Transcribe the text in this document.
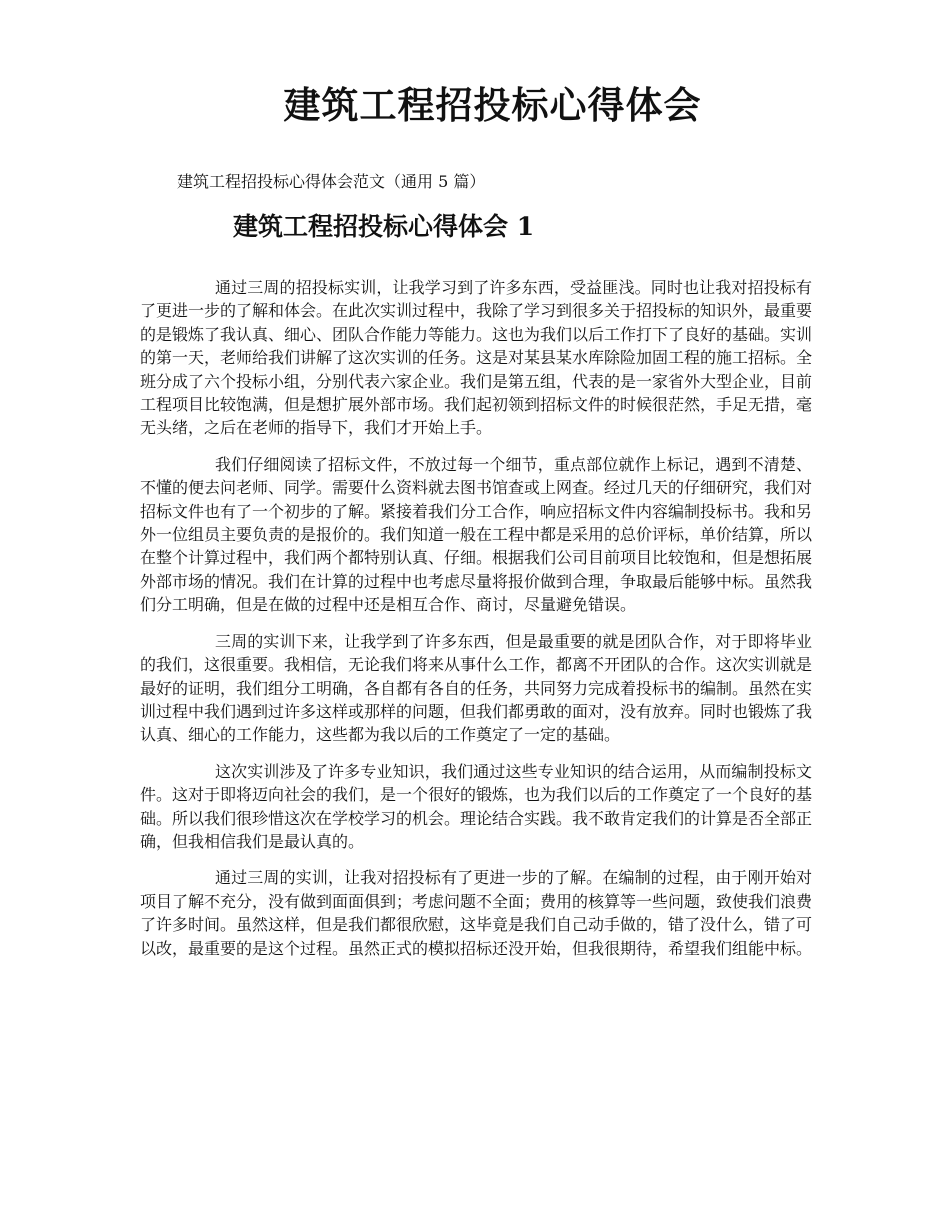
建筑工程招投标心得体会

建筑工程招投标心得体会范文（通用 5 篇）

建筑工程招投标心得体会 1

通过三周的招投标实训，让我学习到了许多东西，受益匪浅。同时也让我对招投标有了更进一步的了解和体会。在此次实训过程中，我除了学习到很多关于招投标的知识外，最重要的是锻炼了我认真、细心、团队合作能力等能力。这也为我们以后工作打下了良好的基础。实训的第一天，老师给我们讲解了这次实训的任务。这是对某县某水库除险加固工程的施工招标。全班分成了六个投标小组，分别代表六家企业。我们是第五组，代表的是一家省外大型企业，目前工程项目比较饱满，但是想扩展外部市场。我们起初领到招标文件的时候很茫然，手足无措，毫无头绪，之后在老师的指导下，我们才开始上手。

我们仔细阅读了招标文件，不放过每一个细节，重点部位就作上标记，遇到不清楚、不懂的便去问老师、同学。需要什么资料就去图书馆查或上网查。经过几天的仔细研究，我们对招标文件也有了一个初步的了解。紧接着我们分工合作，响应招标文件内容编制投标书。我和另外一位组员主要负责的是报价的。我们知道一般在工程中都是采用的总价评标，单价结算，所以在整个计算过程中，我们两个都特别认真、仔细。根据我们公司目前项目比较饱和，但是想拓展外部市场的情况。我们在计算的过程中也考虑尽量将报价做到合理，争取最后能够中标。虽然我们分工明确，但是在做的过程中还是相互合作、商讨，尽量避免错误。

三周的实训下来，让我学到了许多东西，但是最重要的就是团队合作，对于即将毕业的我们，这很重要。我相信，无论我们将来从事什么工作，都离不开团队的合作。这次实训就是最好的证明，我们组分工明确，各自都有各自的任务，共同努力完成着投标书的编制。虽然在实训过程中我们遇到过许多这样或那样的问题，但我们都勇敢的面对，没有放弃。同时也锻炼了我认真、细心的工作能力，这些都为我以后的工作奠定了一定的基础。

这次实训涉及了许多专业知识，我们通过这些专业知识的结合运用，从而编制投标文件。这对于即将迈向社会的我们，是一个很好的锻炼，也为我们以后的工作奠定了一个良好的基础。所以我们很珍惜这次在学校学习的机会。理论结合实践。我不敢肯定我们的计算是否全部正确，但我相信我们是最认真的。

通过三周的实训，让我对招投标有了更进一步的了解。在编制的过程，由于刚开始对项目了解不充分，没有做到面面俱到；考虑问题不全面；费用的核算等一些问题，致使我们浪费了许多时间。虽然这样，但是我们都很欣慰，这毕竟是我们自己动手做的，错了没什么，错了可以改，最重要的是这个过程。虽然正式的模拟招标还没开始，但我很期待，希望我们组能中标。
